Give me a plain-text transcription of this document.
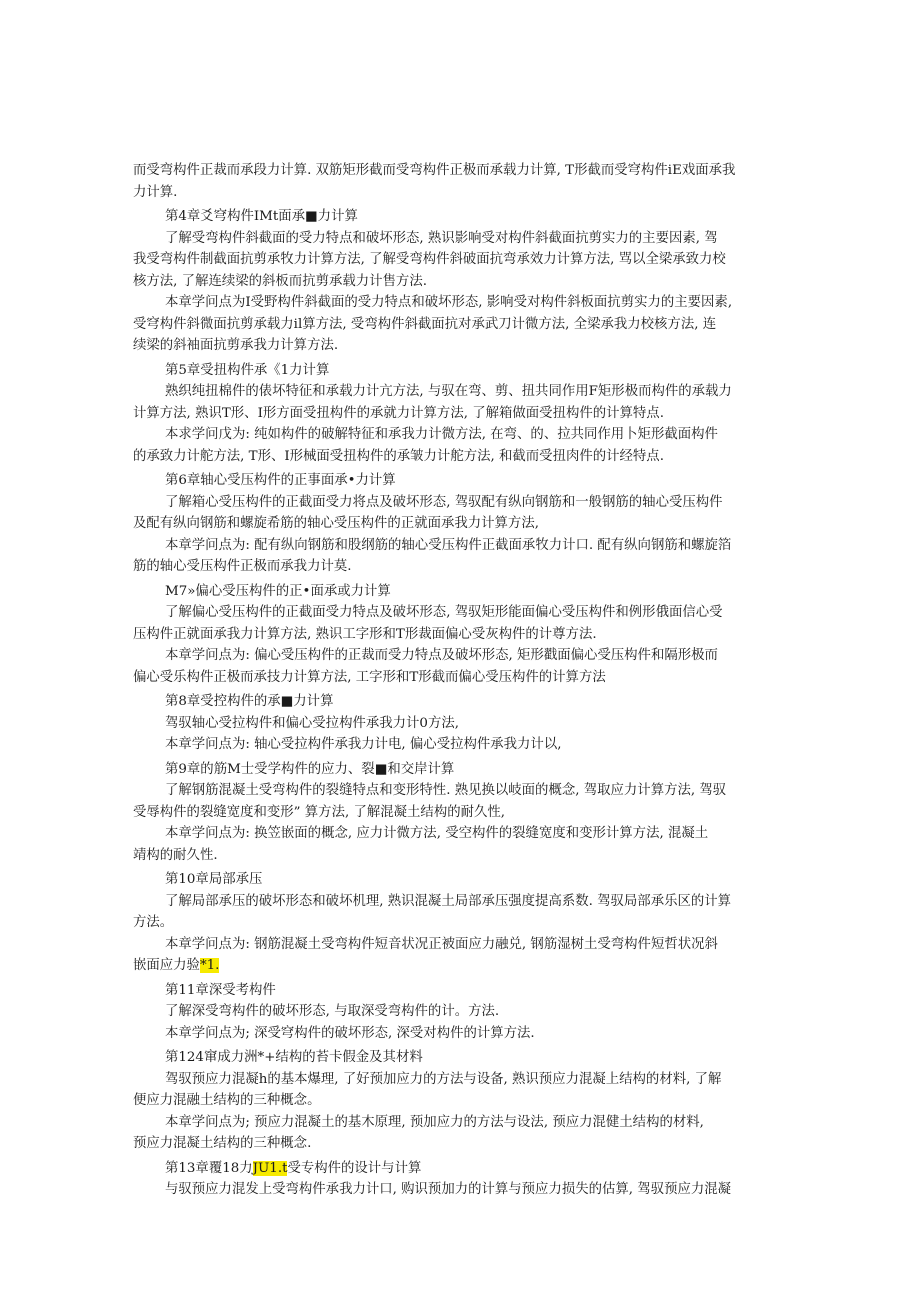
而受弯构件正裁而承段力计算. 双筋矩形截而受弯构件正极而承载力计算, T形截而受穹构件iE戏面承我
力计算.
第4章爻穹构件IMt面承■力计算
了解受弯构件斜截面的受力特点和破坏形态, 熟识影响受对构件斜截面抗剪实力的主要因素, 驾
我受弯构件制截面抗剪承牧力计算方法, 了解受弯构件斜破面抗弯承效力计算方法, 骂以全梁承致力校
核方法, 了解连续梁的斜板而抗剪承载力计售方法.
本章学问点为I受野构件斜截面的受力特点和破坏形态, 影响受对构件斜板面抗剪实力的主要因素,
受穹构件斜微面抗剪承载力il算方法, 受弯构件斜截面抗对承武刀计微方法, 全梁承我力校核方法, 连
续梁的斜袖面抗剪承我力计算方法.
第5章受扭构件承《1力计算
熟织纯扭棉件的俵坏特征和承载力计亢方法, 与驭在弯、剪、扭共同作用F矩形极而构件的承载力
计算方法, 熟识T形、I形方面受扭构件的承就力计算方法, 了解箱做面受扭构件的计算特点.
本求学问戊为: 纯如构件的破解特征和承我力计微方法, 在弯、的、拉共同作用卜矩形截面构件
的承致力计舵方法, T形、I形械面受扭构件的承皱力计舵方法, 和截而受扭肉件的计经特点.
第6章轴心受压构件的正事面承•力计算
了解箱心受压构件的正截面受力将点及破坏形态, 驾驭配有纵向钢筋和一般钢筋的轴心受压构件
及配有纵向钢筋和螺旋希筋的轴心受压构件的正就面承我力计算方法,
本章学问点为: 配有纵向钢筋和股纲筋的轴心受压构件正截面承牧力计口. 配有纵向钢筋和螺旋箔
筋的轴心受压构件正极而承我力计莫.
M7»偏心受压构件的正•面承或力计算
了解偏心受压构件的正截面受力特点及破坏形态, 驾驭矩形能面偏心受压构件和例形俄面信心受
压构件正就面承我力计算方法, 熟识工字形和T形裁面偏心受灰构件的计尊方法.
本章学问点为: 偏心受压构件的正裁而受力特点及破坏形态, 矩形戳面偏心受压构件和隔形极而
偏心受乐构件正极而承技力计算方法, 工字形和T形截而偏心受压构件的计算方法
第8章受控构件的承■力计算
驾驭轴心受拉构件和偏心受拉构件承我力计0方法,
本章学问点为: 轴心受拉构件承我力计电, 偏心受拉构件承我力计以,
第9章的筋M士受学构件的应力、裂■和交岸计算
了解钢筋混凝土受弯构件的裂缝特点和变形特性. 熟见换以岐面的概念, 驾取应力计算方法, 驾驭
受辱构件的裂缝宽度和变形” 算方法, 了解混凝土结构的耐久性,
本章学问点为: 换笠嵌面的概念, 应力计微方法, 受空构件的裂缝宽度和变形计算方法, 混凝土
靖构的耐久性.
第10章局部承压
了解局部承压的破坏形态和破坏机理, 熟识混凝土局部承压强度提高系数. 驾驭局部承乐区的计算
方法。
本章学问点为: 钢筋混凝土受弯构件短音状况正被面应力融兑, 钢筋湿树土受弯构件短哲状况斜
嵌面应力验*1.
第11章深受考构件
了解深受弯构件的破坏形态, 与取深受弯构件的计。方法.
本章学问点为; 深受穹构件的破坏形态, 深受对构件的计算方法.
第124窜成力洲*+结构的苔卡假金及其材料
驾驭预应力混凝h的基本爆理, 了好预加应力的方法与设备, 熟识预应力混凝上结构的材料, 了解
便应力混融土结构的三种概念。
本章学问点为; 预应力混凝土的基木原理, 预加应力的方法与设法, 预应力混健土结构的材料,
预应力混凝土结构的三种概念.
第13章覆18力JU1.t受专构件的设计与计算
与驭预应力混发上受弯构件承我力计口, 购识预加力的计算与预应力损失的估算, 驾驭预应力混凝
